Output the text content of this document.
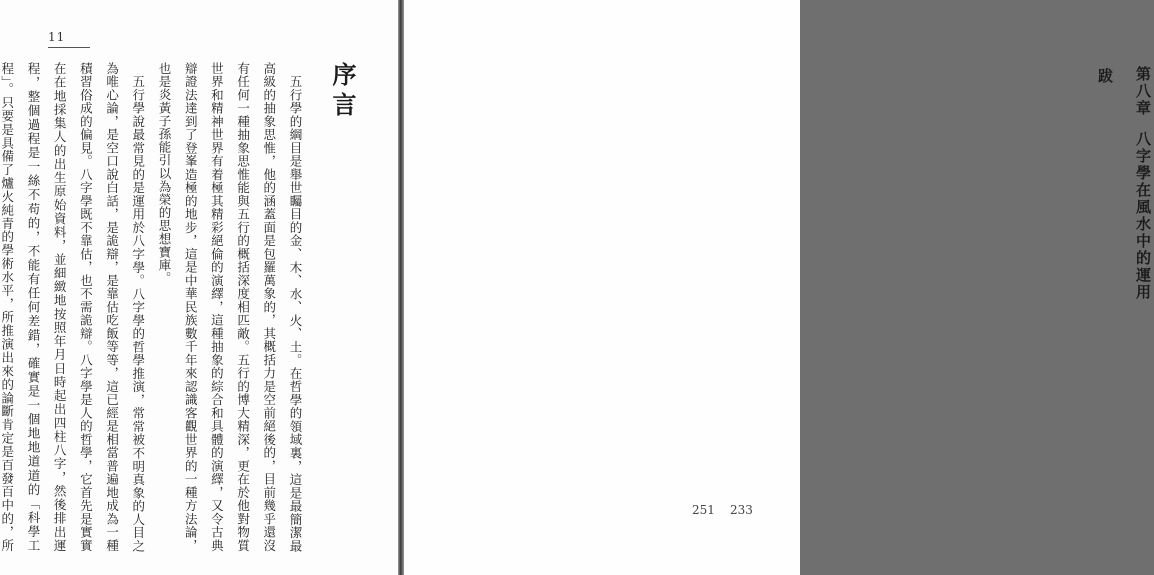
11
序言

五行學的綱目是舉世矚目的金、木、水、火、土。在哲學的領域裏，這是最簡潔最高級的抽象思惟，他的涵蓋面是包羅萬象的，其概括力是空前絕後的，目前幾乎還沒有任何一種抽象思惟能與五行的概括深度相匹敵。五行的博大精深，更在於他對物質世界和精神世界有着極其精彩絕倫的演繹，這種抽象的綜合和具體的演繹，又令古典辯證法達到了登峯造極的地步，這是中華民族數千年來認識客觀世界的一種方法論，也是炎黃子孫能引以為榮的思想寶庫。

五行學說最常見的是運用於八字學。八字學的哲學推演，常常被不明真象的人目之為唯心論，是空口說白話，是詭辯，是靠估吃飯等等，這已經是相當普遍地成為一種積習俗成的偏見。八字學既不靠估，也不需詭辯。八字學是人的哲學，它首先是實實在在地採集人的出生原始資料，並細緻地按照年月日時起出四柱八字，然後排出運程，整個過程是一絲不苟的，不能有任何差錯，確實是一個地地道道的「科學工程」。只要是具備了爐火純青的學術水平，所推演出來的論斷肯定是百發百中的，所

第八章八字學在風水中的運用
跋
251 233
